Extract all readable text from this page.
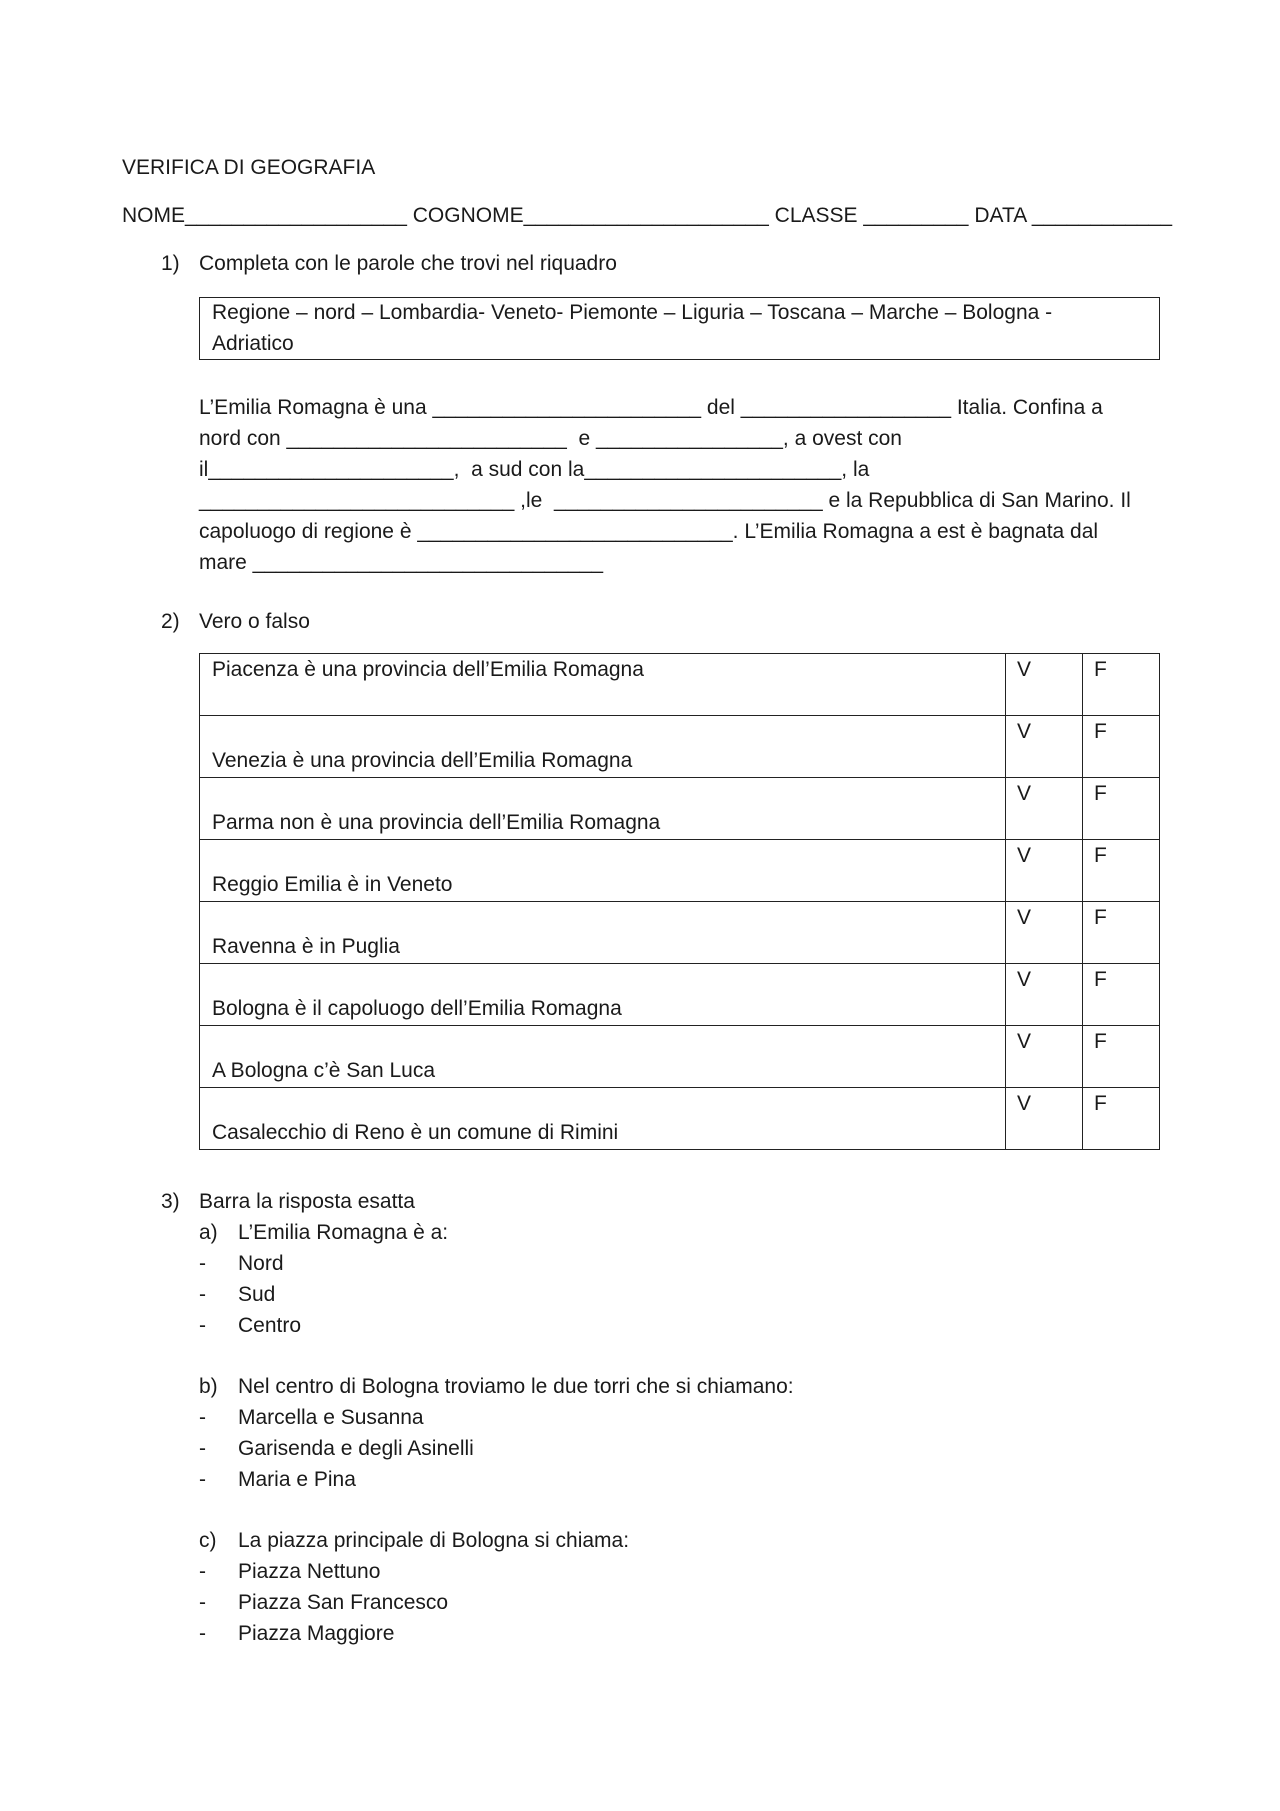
VERIFICA DI GEOGRAFIA
NOME___________________ COGNOME_____________________ CLASSE _________ DATA ____________
1) Completa con le parole che trovi nel riquadro
Regione – nord – Lombardia- Veneto- Piemonte – Liguria – Toscana – Marche – Bologna -
Adriatico
L’Emilia Romagna è una _______________________ del __________________ Italia. Confina a
nord con ________________________  e ________________, a ovest con
il_____________________,  a sud con la______________________, la
___________________________ ,le  _______________________ e la Repubblica di San Marino. Il
capoluogo di regione è ___________________________. L’Emilia Romagna a est è bagnata dal
mare ______________________________
2) Vero o falso
Piacenza è una provincia dell’Emilia Romagna	V	F

Venezia è una provincia dell’Emilia Romagna	V	F

Parma non è una provincia dell’Emilia Romagna	V	F

Reggio Emilia è in Veneto	V	F

Ravenna è in Puglia	V	F

Bologna è il capoluogo dell’Emilia Romagna	V	F

A Bologna c’è San Luca	V	F

Casalecchio di Reno è un comune di Rimini	V	F
3) Barra la risposta esatta
a) L’Emilia Romagna è a:
- Nord
- Sud
- Centro
b) Nel centro di Bologna troviamo le due torri che si chiamano:
- Marcella e Susanna
- Garisenda e degli Asinelli
- Maria e Pina
c) La piazza principale di Bologna si chiama:
- Piazza Nettuno
- Piazza San Francesco
- Piazza Maggiore
